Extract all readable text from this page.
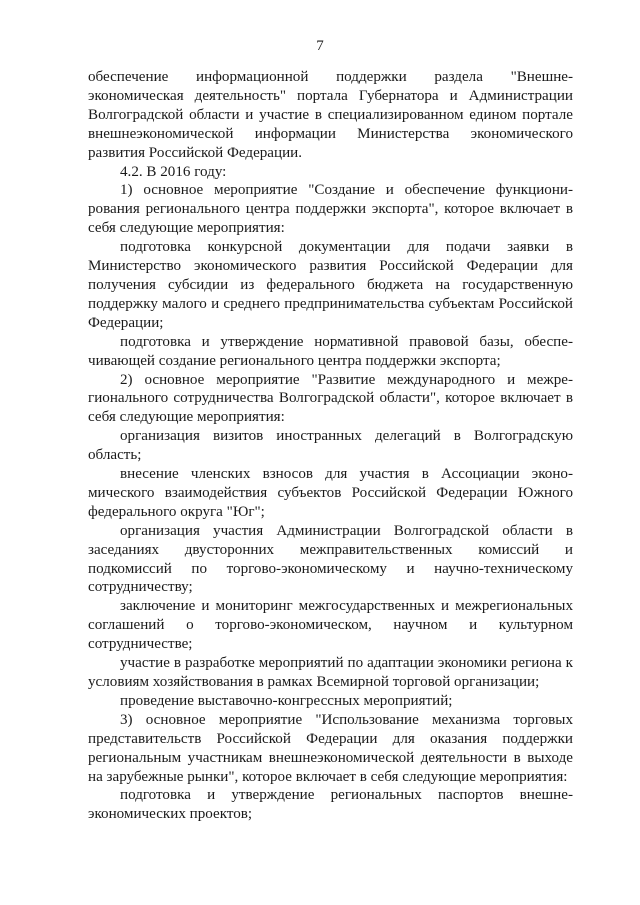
7

обеспечение информационной поддержки раздела "Внешне-экономическая деятельность" портала Губернатора и Администрации Волгоградской области и участие в специализированном едином портале внешнеэкономической информации Министерства экономического развития Российской Федерации.

4.2. В 2016 году:

1) основное мероприятие "Создание и обеспечение функциони-рования регионального центра поддержки экспорта", которое включает в себя следующие мероприятия:

подготовка конкурсной документации для подачи заявки в Министерство экономического развития Российской Федерации для получения субсидии из федерального бюджета на государственную поддержку малого и среднего предпринимательства субъектам Российской Федерации;

подготовка и утверждение нормативной правовой базы, обеспе-чивающей создание регионального центра поддержки экспорта;

2) основное мероприятие "Развитие международного и межре-гионального сотрудничества Волгоградской области", которое включает в себя следующие мероприятия:

организация визитов иностранных делегаций в Волгоградскую область;

внесение членских взносов для участия в Ассоциации эконо-мического взаимодействия субъектов Российской Федерации Южного федерального округа "Юг";

организация участия Администрации Волгоградской области в заседаниях двусторонних межправительственных комиссий и подкомиссий по торгово-экономическому и научно-техническому сотрудничеству;

заключение и мониторинг межгосударственных и межрегиональных соглашений о торгово-экономическом, научном и культурном сотрудничестве;

участие в разработке мероприятий по адаптации экономики региона к условиям хозяйствования в рамках Всемирной торговой организации;

проведение выставочно-конгрессных мероприятий;

3) основное мероприятие "Использование механизма торговых представительств Российской Федерации для оказания поддержки региональным участникам внешнеэкономической деятельности в выходе на зарубежные рынки", которое включает в себя следующие мероприятия:

подготовка и утверждение региональных паспортов внешне-экономических проектов;
